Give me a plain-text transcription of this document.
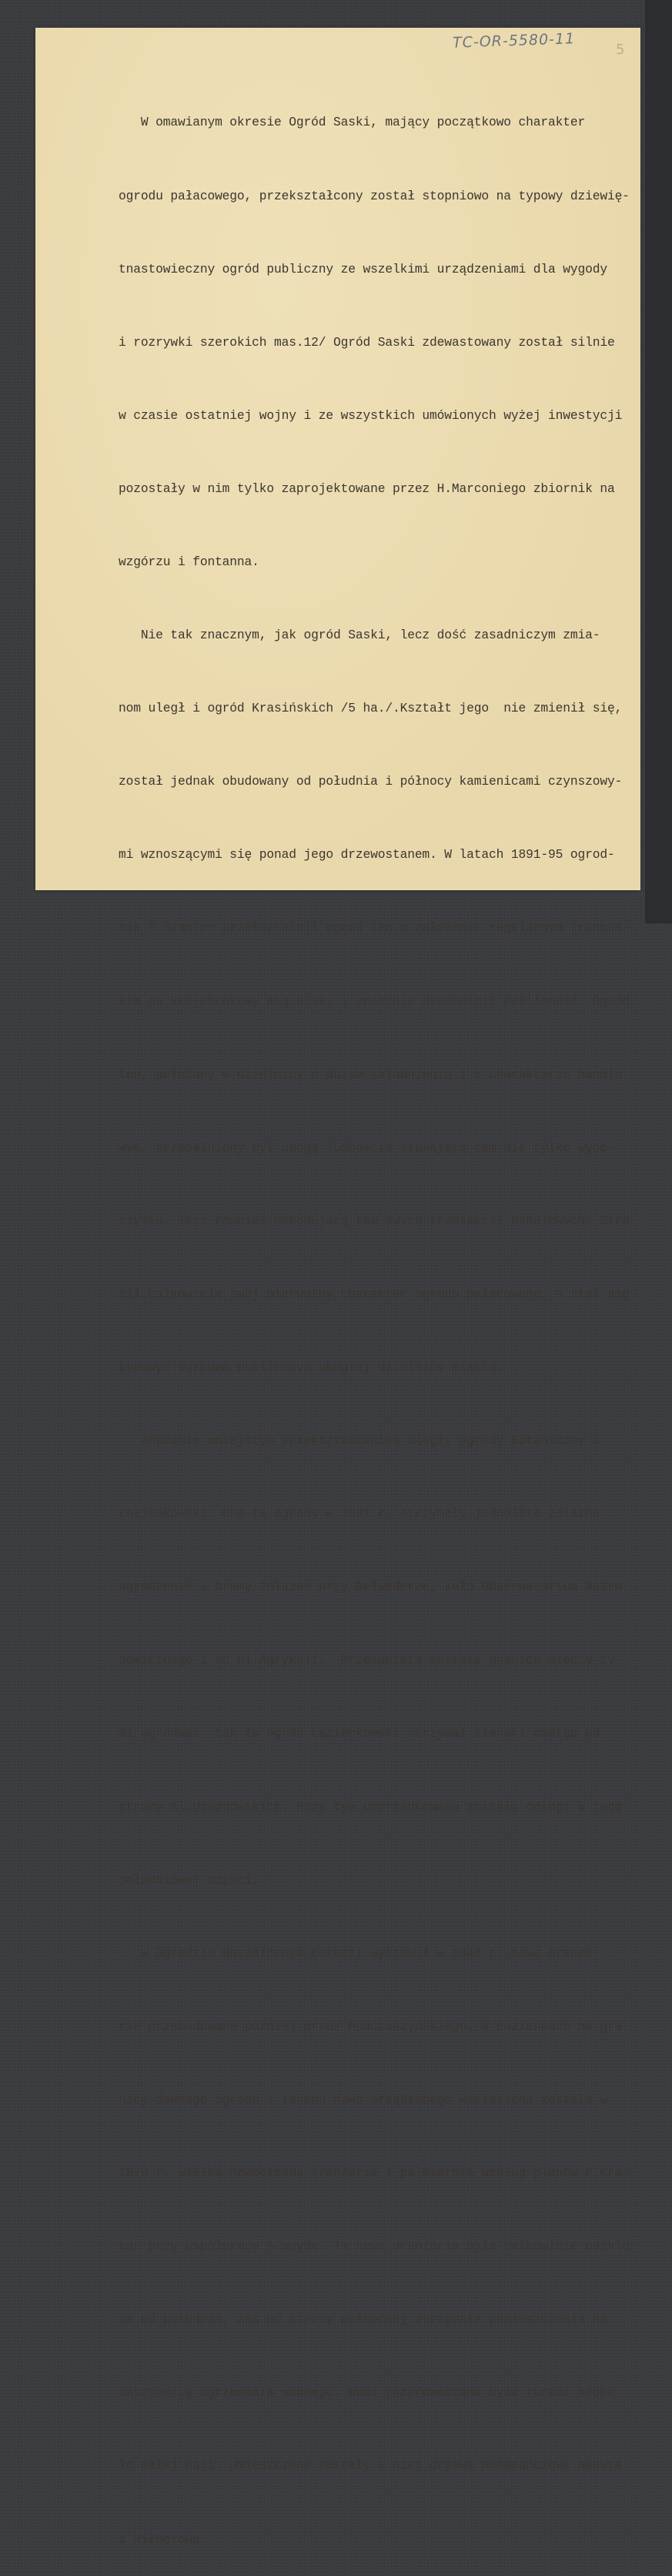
TC-OR-5580-11	5

W omawianym okresie Ogród Saski, mający początkowo charakter

ogrodu pałacowego, przekształcony został stopniowo na typowy dziewię-

tnastowieczny ogród publiczny ze wszelkimi urządzeniami dla wygody

i rozrywki szerokich mas.12/ Ogród Saski zdewastowany został silnie

w czasie ostatniej wojny i ze wszystkich umówionych wyżej inwestycji

pozostały w nim tylko zaprojektowane przez H.Marconiego zbiornik na

wzgórzu i fontanna.

Nie tak znacznym, jak ogród Saski, lecz dość zasadniczym zmia-

nom uległ i ogród Krasińskich /5 ha./.Kształt jego  nie zmienił się,

został jednak obudowany od południa i północy kamienicami czynszowy-

mi wznoszącymi się ponad jego drzewostanem. W latach 1891-95 ogrod-

nik F.Szanior przekształcił ogród ten o założeniu regularnym francus-

kim na krajobrazowy angielski i znacznie urozmaicił roślinność. Ogród

ten, położony w dzielnicy o dużym zaludnieniu i o charakterze handlo-

wym, przepełniony był ubogą ludnością szukającą tam nie tylko wypo-

czynku, lecz również dokonującą tam swych transakcji handlowych. Stra-

cił całkowicie swój pierwotny charakter ogrodu pałacowego, a stał się

typowym ogrodem publicznym ubogiej dzielnicy miasta.

Znacznie mniejszym przekształceniom uległy ogrody Botaniczny i

Łazienkowski. Oba te ogrody w 1891 r. otrzymały jednolite żelazne

ogrodzenie i bramy żelazne przy Belwederze, koło Obserwatorium Astro-

nomicznego i od ul.Agrykoli.  Przesunięta została granica między ty-

mi ogrodami, tak że ogród Łazienkowski otrzymał szeroki dostęp od

strony Al.Ujazdowskich. Poza tym uporządkowane zostały odłogi w jego

południowej części.

W Ogrodzie Botanicznym Corazzi wystawił w 1843 r. nowe oranże-

rie przebudowane później przez Podczaszyńskiego. W Łazienkach na gra-

nicy dawnego ogrodu i terenu nowo urządzonego wzniesiona została w

1870 r. wielka nowoczesna oranżeria i palmiarnia według planów P.Kra-

kau przy współpracy A.Woyde. Ta nowa oranżeria była całkowicie oszklo-

na od południa, zaś od strony północnej otrzymała pomieszczenia na

maszynerię ogrzewania wodnego. Woda rozprowadzana była rurami naoko-

ło całej hali. Umieszczone zostały w niej drzewa pomarańczowe nabyte

z Nieborowa.
